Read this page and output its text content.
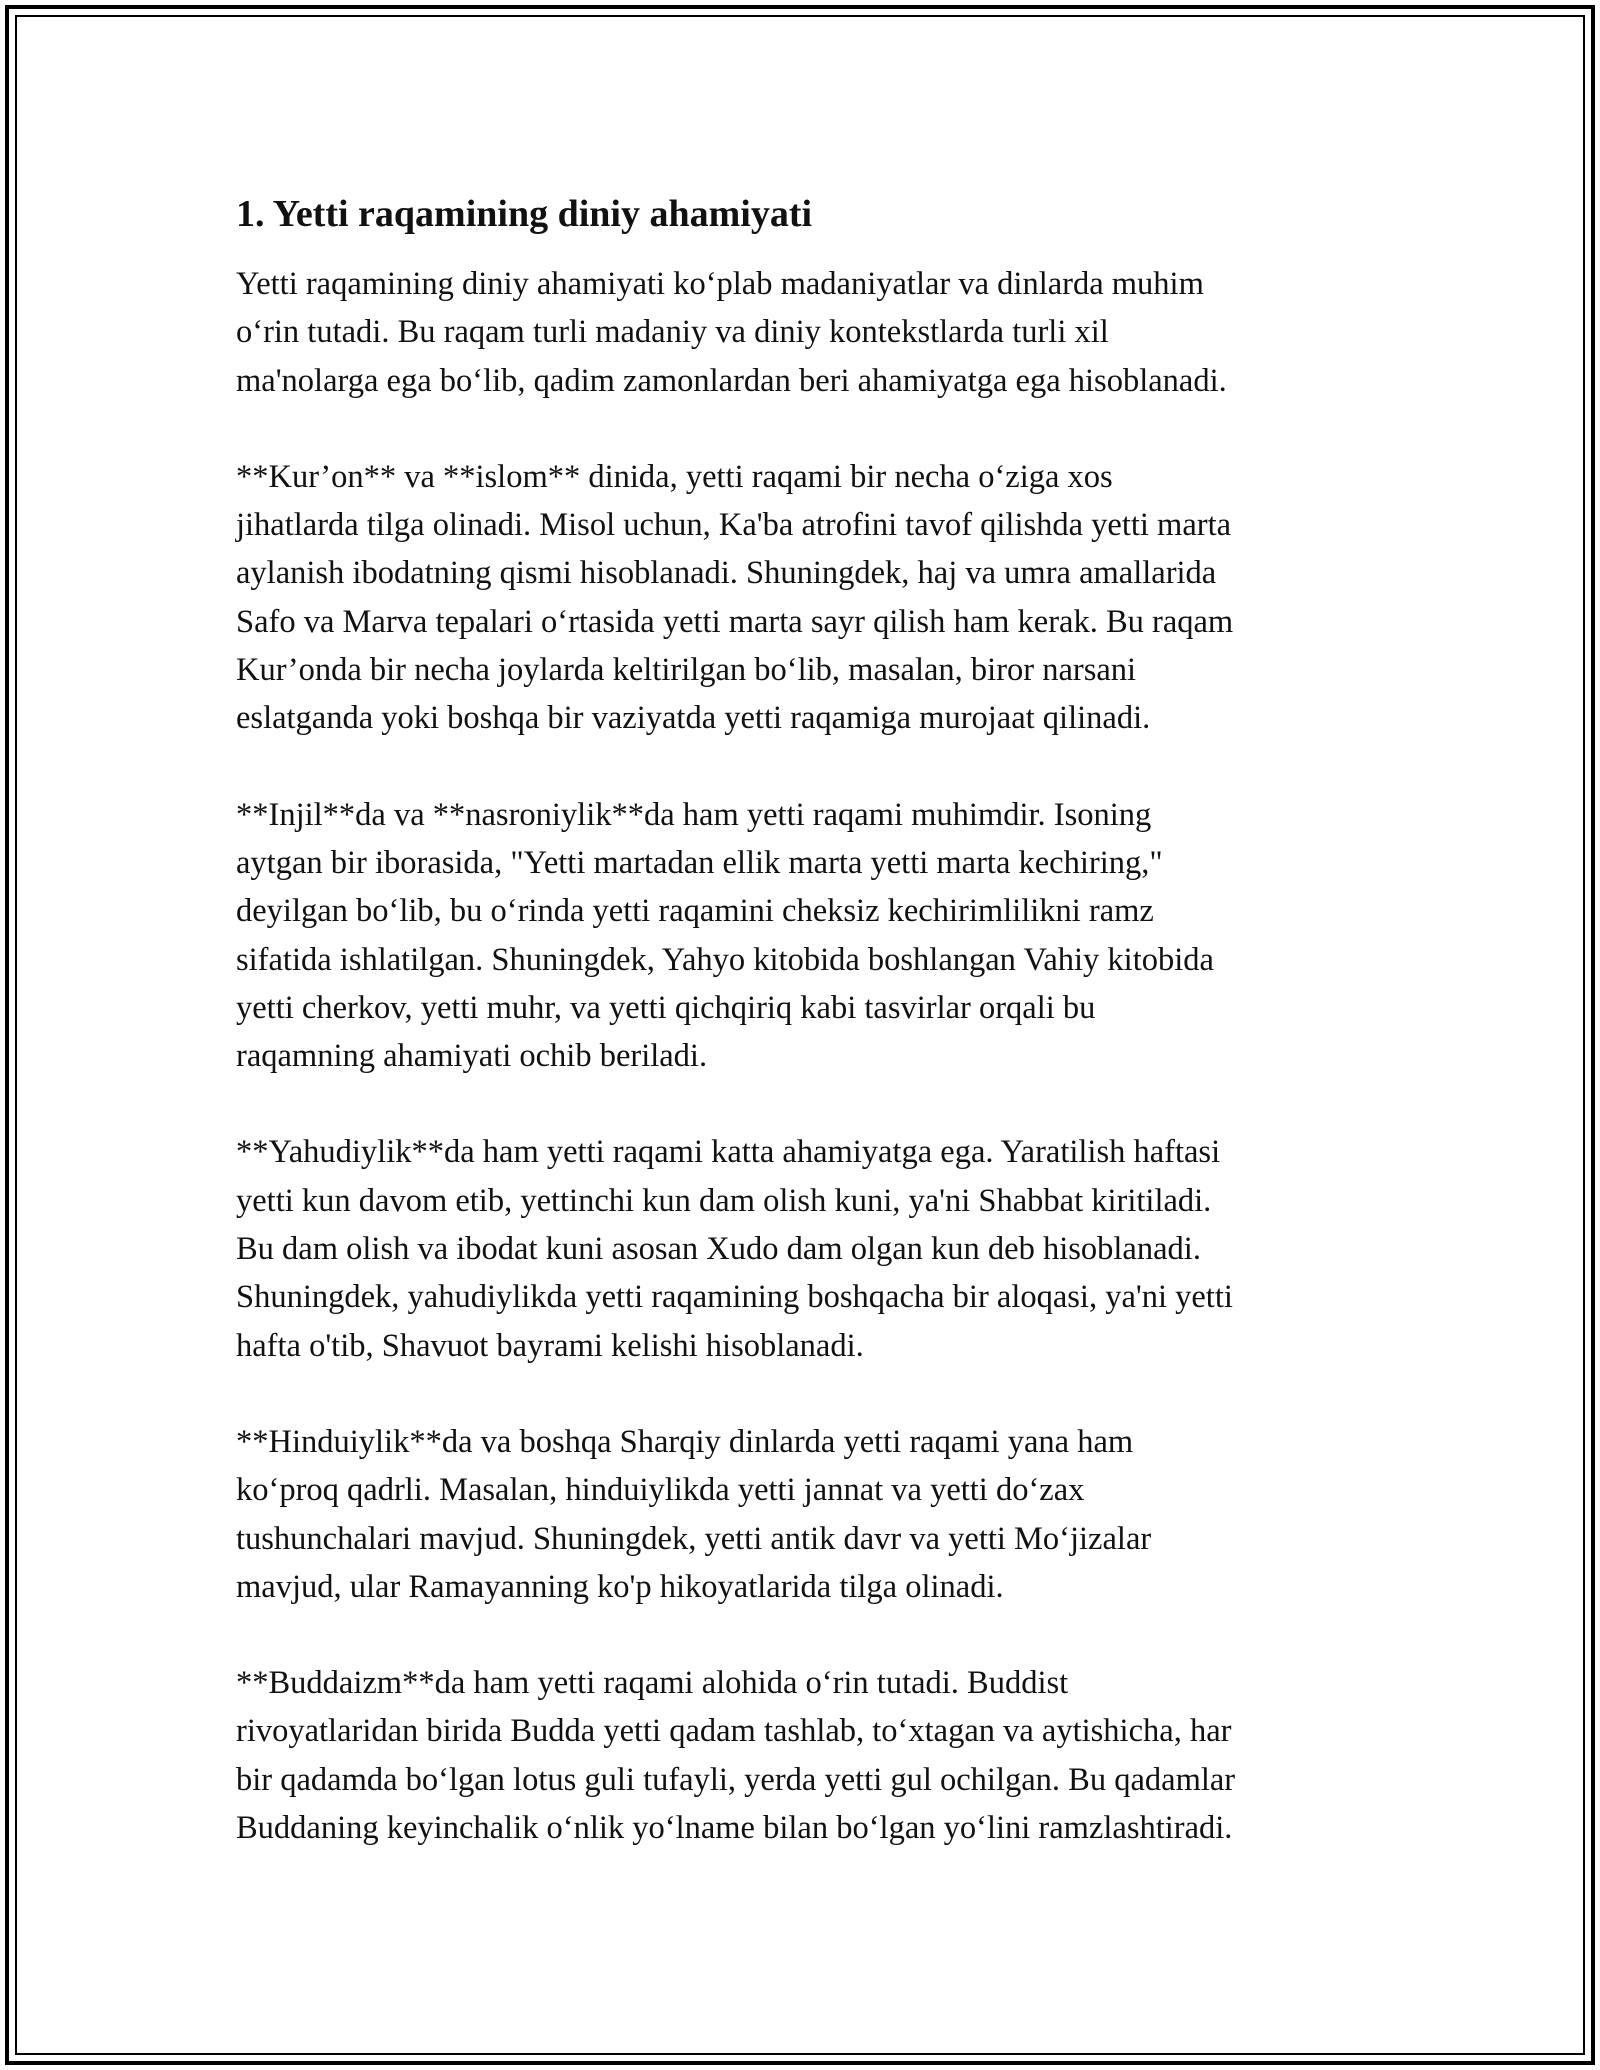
1. Yetti raqamining diniy ahamiyati

Yetti raqamining diniy ahamiyati ko‘plab madaniyatlar va dinlarda muhim
o‘rin tutadi. Bu raqam turli madaniy va diniy kontekstlarda turli xil
ma'nolarga ega bo‘lib, qadim zamonlardan beri ahamiyatga ega hisoblanadi.

**Kur’on** va **islom** dinida, yetti raqami bir necha o‘ziga xos
jihatlarda tilga olinadi. Misol uchun, Ka'ba atrofini tavof qilishda yetti marta
aylanish ibodatning qismi hisoblanadi. Shuningdek, haj va umra amallarida
Safo va Marva tepalari o‘rtasida yetti marta sayr qilish ham kerak. Bu raqam
Kur’onda bir necha joylarda keltirilgan bo‘lib, masalan, biror narsani
eslatganda yoki boshqa bir vaziyatda yetti raqamiga murojaat qilinadi.

**Injil**da va **nasroniylik**da ham yetti raqami muhimdir. Isoning
aytgan bir iborasida, "Yetti martadan ellik marta yetti marta kechiring,"
deyilgan bo‘lib, bu o‘rinda yetti raqamini cheksiz kechirimlilikni ramz
sifatida ishlatilgan. Shuningdek, Yahyo kitobida boshlangan Vahiy kitobida
yetti cherkov, yetti muhr, va yetti qichqiriq kabi tasvirlar orqali bu
raqamning ahamiyati ochib beriladi.

**Yahudiylik**da ham yetti raqami katta ahamiyatga ega. Yaratilish haftasi
yetti kun davom etib, yettinchi kun dam olish kuni, ya'ni Shabbat kiritiladi.
Bu dam olish va ibodat kuni asosan Xudo dam olgan kun deb hisoblanadi.
Shuningdek, yahudiylikda yetti raqamining boshqacha bir aloqasi, ya'ni yetti
hafta o'tib, Shavuot bayrami kelishi hisoblanadi.

**Hinduiylik**da va boshqa Sharqiy dinlarda yetti raqami yana ham
ko‘proq qadrli. Masalan, hinduiylikda yetti jannat va yetti do‘zax
tushunchalari mavjud. Shuningdek, yetti antik davr va yetti Mo‘jizalar
mavjud, ular Ramayanning ko'p hikoyatlarida tilga olinadi.

**Buddaizm**da ham yetti raqami alohida o‘rin tutadi. Buddist
rivoyatlaridan birida Budda yetti qadam tashlab, to‘xtagan va aytishicha, har
bir qadamda bo‘lgan lotus guli tufayli, yerda yetti gul ochilgan. Bu qadamlar
Buddaning keyinchalik o‘nlik yo‘lname bilan bo‘lgan yo‘lini ramzlashtiradi.
